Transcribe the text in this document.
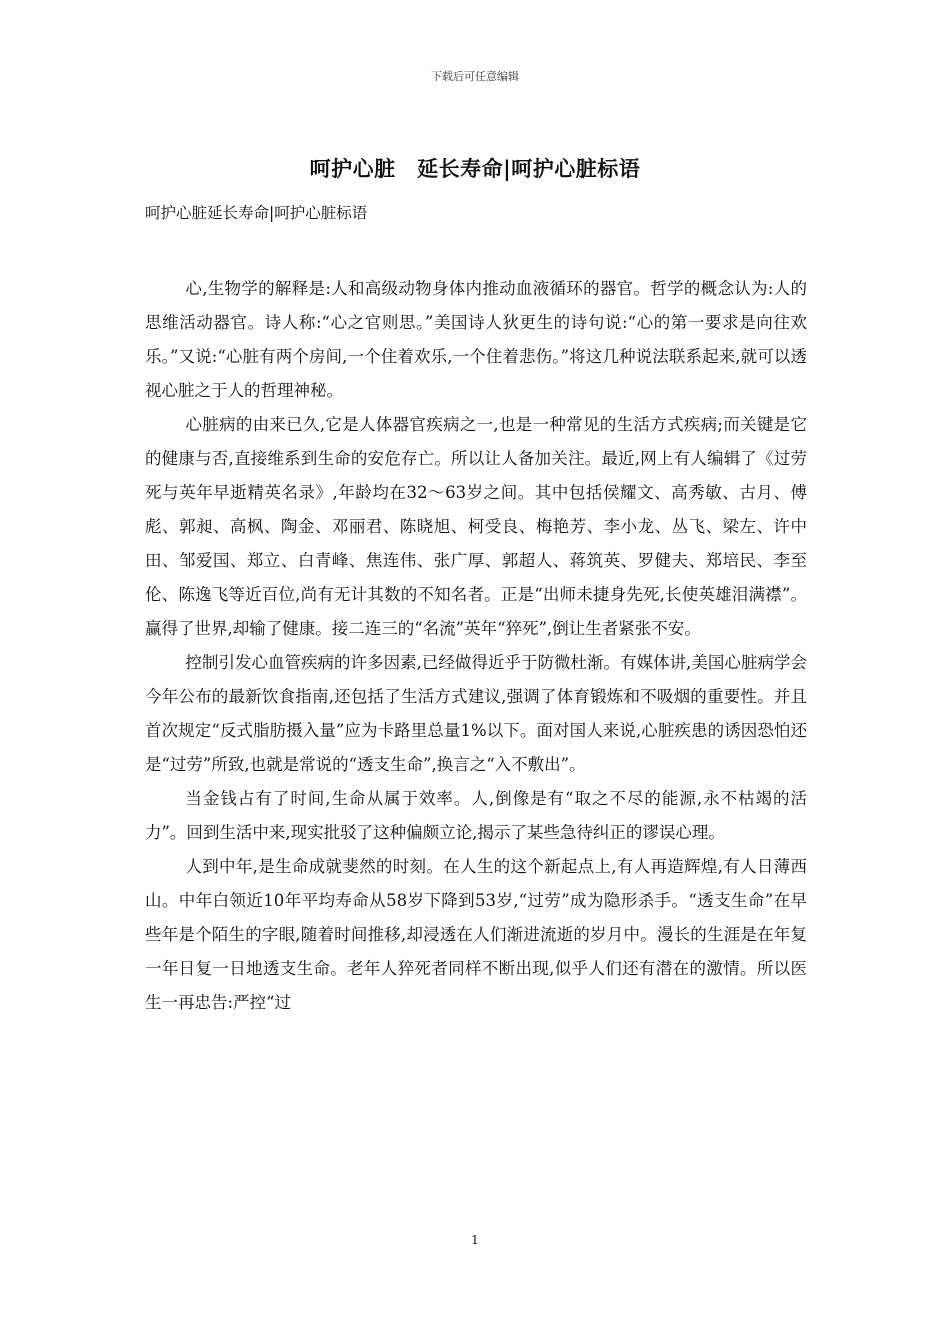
下载后可任意编辑
呵护心脏　延长寿命|呵护心脏标语
呵护心脏延长寿命|呵护心脏标语

心,生物学的解释是:人和高级动物身体内推动血液循环的器官。哲学的概念认为:人的思维活动器官。诗人称:“心之官则思。”美国诗人狄更生的诗句说:“心的第一要求是向往欢乐。”又说:“心脏有两个房间,一个住着欢乐,一个住着悲伤。”将这几种说法联系起来,就可以透视心脏之于人的哲理神秘。

心脏病的由来已久,它是人体器官疾病之一,也是一种常见的生活方式疾病;而关键是它的健康与否,直接维系到生命的安危存亡。所以让人备加关注。最近,网上有人编辑了《过劳死与英年早逝精英名录》,年龄均在32～63岁之间。其中包括侯耀文、高秀敏、古月、傅彪、郭昶、高枫、陶金、邓丽君、陈晓旭、柯受良、梅艳芳、李小龙、丛飞、梁左、许中田、邹爱国、郑立、白青峰、焦连伟、张广厚、郭超人、蒋筑英、罗健夫、郑培民、李至伦、陈逸飞等近百位,尚有无计其数的不知名者。正是“出师未捷身先死,长使英雄泪满襟”。赢得了世界,却输了健康。接二连三的“名流”英年“猝死”,倒让生者紧张不安。

控制引发心血管疾病的许多因素,已经做得近乎于防微杜渐。有媒体讲,美国心脏病学会今年公布的最新饮食指南,还包括了生活方式建议,强调了体育锻炼和不吸烟的重要性。并且首次规定“反式脂肪摄入量”应为卡路里总量1%以下。面对国人来说,心脏疾患的诱因恐怕还是“过劳”所致,也就是常说的“透支生命”,换言之“入不敷出”。

当金钱占有了时间,生命从属于效率。人,倒像是有“取之不尽的能源,永不枯竭的活力”。回到生活中来,现实批驳了这种偏颇立论,揭示了某些急待纠正的谬误心理。

人到中年,是生命成就斐然的时刻。在人生的这个新起点上,有人再造辉煌,有人日薄西山。中年白领近10年平均寿命从58岁下降到53岁,“过劳”成为隐形杀手。“透支生命”在早些年是个陌生的字眼,随着时间推移,却浸透在人们渐进流逝的岁月中。漫长的生涯是在年复一年日复一日地透支生命。老年人猝死者同样不断出现,似乎人们还有潜在的激情。所以医生一再忠告:严控“过

1
